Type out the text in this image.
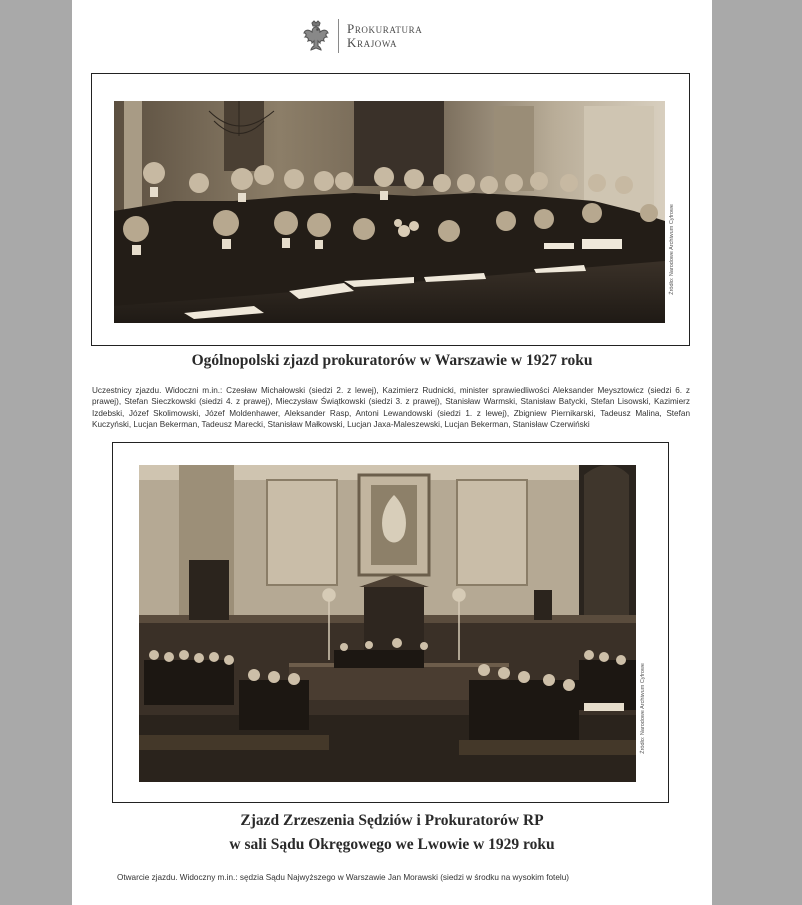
Prokuratura
Krajowa
Źródło: Narodowe Archiwum Cyfrowe
Ogólnopolski zjazd prokuratorów w Warszawie w 1927 roku
Uczestnicy zjazdu. Widoczni m.in.: Czesław Michałowski (siedzi 2. z lewej), Kazimierz Rudnicki, minister sprawiedliwości Aleksander Meysztowicz (siedzi 6. z prawej), Stefan Sieczkowski (siedzi 4. z prawej), Mieczysław Świątkowski (siedzi 3. z prawej), Stanisław Warmski, Stanisław Batycki, Stefan Lisowski, Kazimierz Izdebski, Józef Skolimowski, Józef Moldenhawer, Aleksander Rasp, Antoni Lewandowski (siedzi 1. z lewej), Zbigniew Piernikarski, Tadeusz Malina, Stefan Kuczyński, Lucjan Bekerman, Tadeusz Marecki, Stanisław Małkowski, Lucjan Jaxa-Maleszewski, Lucjan Bekerman, Stanisław Czerwiński
Źródło: Narodowe Archiwum Cyfrowe
Zjazd Zrzeszenia Sędziów i Prokuratorów RP
w sali Sądu Okręgowego we Lwowie w 1929 roku
Otwarcie zjazdu. Widoczny m.in.: sędzia Sądu Najwyższego w Warszawie Jan Morawski (siedzi w środku na wysokim fotelu)
